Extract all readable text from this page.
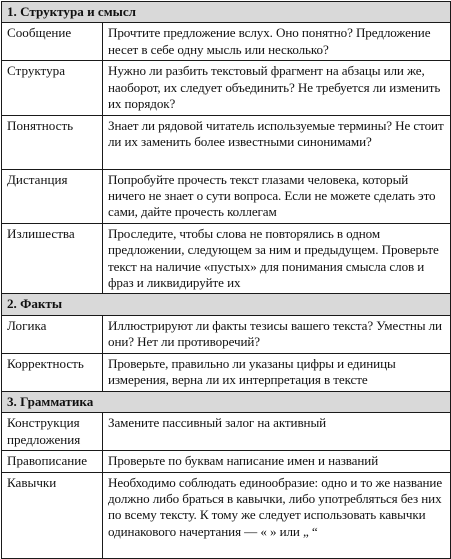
1. Структура и смысл	
Сообщение	Прочтите предложение вслух. Оно понятно? Предложение несет в себе одну мысль или несколько?
Структура	Нужно ли разбить текстовый фрагмент на абзацы или же, наоборот, их следует объединить? Не требуется ли изменить их порядок?
Понятность	Знает ли рядовой читатель используемые термины? Не стоит ли их заменить более известными синонимами?
Дистанция	Попробуйте прочесть текст глазами человека, который ничего не знает о сути вопроса. Если не можете сделать это сами, дайте прочесть коллегам
Излишества	Проследите, чтобы слова не повторялись в одном предложении, следующем за ним и предыдущем. Проверьте текст на наличие «пустых» для понимания смысла слов и фраз и ликвидируйте их
2. Факты	
Логика	Иллюстрируют ли факты тезисы вашего текста? Уместны ли они? Нет ли противоречий?
Корректность	Проверьте, правильно ли указаны цифры и единицы измерения, верна ли их интерпретация в тексте
3. Грамматика	
Конструкция предложения	Замените пассивный залог на активный
Правописание	Проверьте по буквам написание имен и названий
Кавычки	Необходимо соблюдать единообразие: одно и то же название должно либо браться в кавычки, либо употребляться без них по всему тексту. К тому же следует использовать кавычки одинакового начертания — « » или „ “
